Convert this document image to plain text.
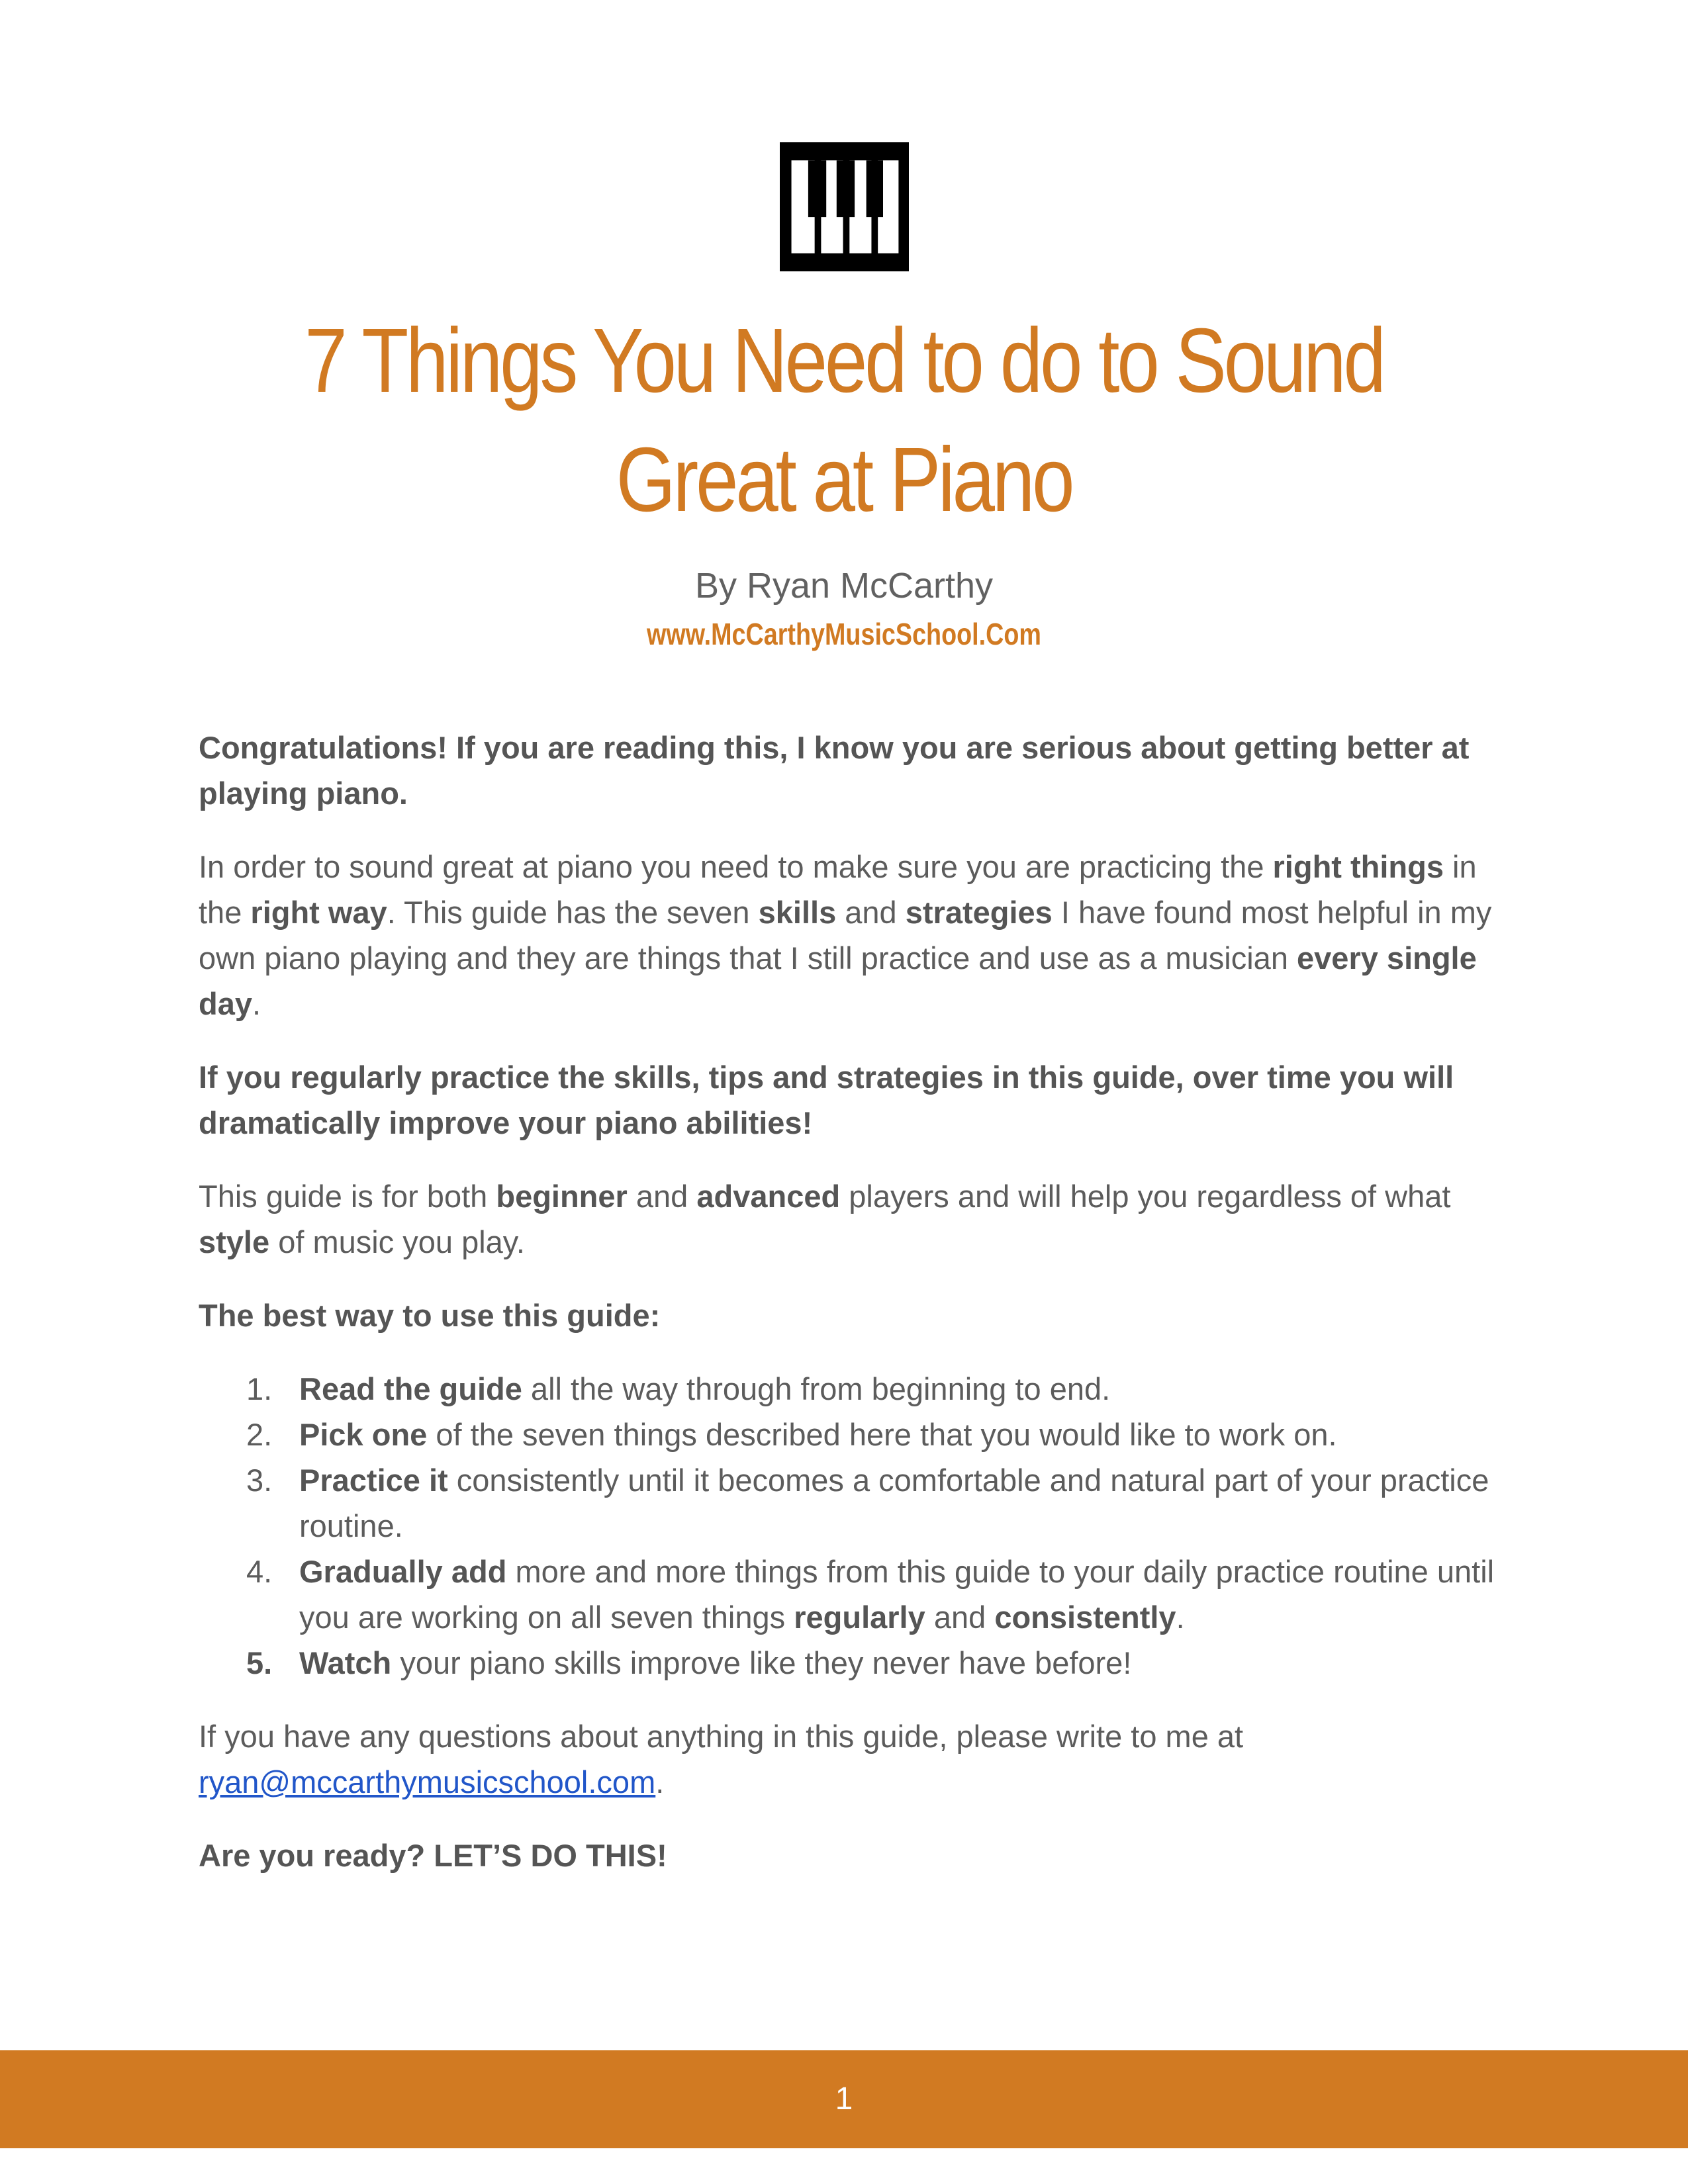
7 Things You Need to do to Sound
Great at Piano
By Ryan McCarthy
www.McCarthyMusicSchool.Com

Congratulations! If you are reading this, I know you are serious about getting better at playing piano.

In order to sound great at piano you need to make sure you are practicing the right things in the right way. This guide has the seven skills and strategies I have found most helpful in my own piano playing and they are things that I still practice and use as a musician every single day.

If you regularly practice the skills, tips and strategies in this guide, over time you will dramatically improve your piano abilities!

This guide is for both beginner and advanced players and will help you regardless of what style of music you play.

The best way to use this guide:

1. Read the guide all the way through from beginning to end.
2. Pick one of the seven things described here that you would like to work on.
3. Practice it consistently until it becomes a comfortable and natural part of your practice routine.
4. Gradually add more and more things from this guide to your daily practice routine until you are working on all seven things regularly and consistently.
5. Watch your piano skills improve like they never have before!

If you have any questions about anything in this guide, please write to me at ryan@mccarthymusicschool.com.

Are you ready? LET’S DO THIS!

1
